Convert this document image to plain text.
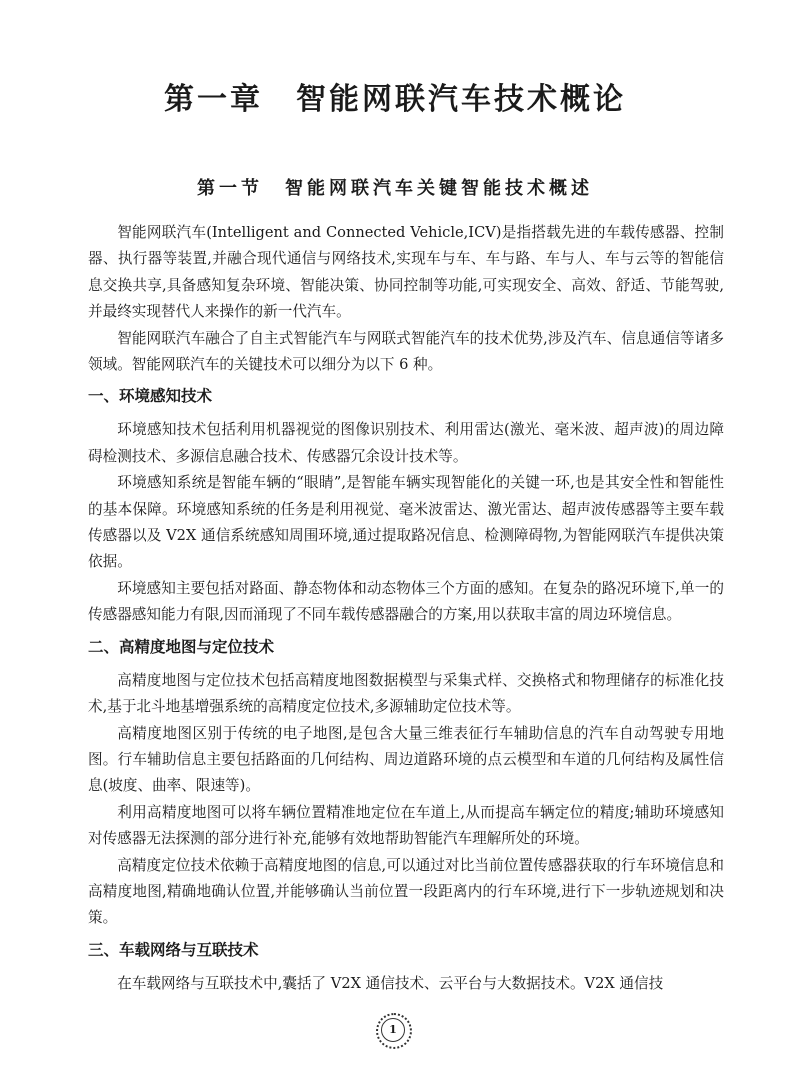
第一章　智能网联汽车技术概论
第一节　智能网联汽车关键智能技术概述

智能网联汽车(Intelligent and Connected Vehicle,ICV)是指搭载先进的车载传感器、控制器、执行器等装置,并融合现代通信与网络技术,实现车与车、车与路、车与人、车与云等的智能信息交换共享,具备感知复杂环境、智能决策、协同控制等功能,可实现安全、高效、舒适、节能驾驶,并最终实现替代人来操作的新一代汽车。

智能网联汽车融合了自主式智能汽车与网联式智能汽车的技术优势,涉及汽车、信息通信等诸多领域。智能网联汽车的关键技术可以细分为以下 6 种。

一、环境感知技术

环境感知技术包括利用机器视觉的图像识别技术、利用雷达(激光、毫米波、超声波)的周边障碍检测技术、多源信息融合技术、传感器冗余设计技术等。

环境感知系统是智能车辆的“眼睛”,是智能车辆实现智能化的关键一环,也是其安全性和智能性的基本保障。环境感知系统的任务是利用视觉、毫米波雷达、激光雷达、超声波传感器等主要车载传感器以及 V2X 通信系统感知周围环境,通过提取路况信息、检测障碍物,为智能网联汽车提供决策依据。

环境感知主要包括对路面、静态物体和动态物体三个方面的感知。在复杂的路况环境下,单一的传感器感知能力有限,因而涌现了不同车载传感器融合的方案,用以获取丰富的周边环境信息。

二、高精度地图与定位技术

高精度地图与定位技术包括高精度地图数据模型与采集式样、交换格式和物理储存的标准化技术,基于北斗地基增强系统的高精度定位技术,多源辅助定位技术等。

高精度地图区别于传统的电子地图,是包含大量三维表征行车辅助信息的汽车自动驾驶专用地图。行车辅助信息主要包括路面的几何结构、周边道路环境的点云模型和车道的几何结构及属性信息(坡度、曲率、限速等)。

利用高精度地图可以将车辆位置精准地定位在车道上,从而提高车辆定位的精度;辅助环境感知对传感器无法探测的部分进行补充,能够有效地帮助智能汽车理解所处的环境。

高精度定位技术依赖于高精度地图的信息,可以通过对比当前位置传感器获取的行车环境信息和高精度地图,精确地确认位置,并能够确认当前位置一段距离内的行车环境,进行下一步轨迹规划和决策。

三、车载网络与互联技术

在车载网络与互联技术中,囊括了 V2X 通信技术、云平台与大数据技术。V2X 通信技

1
